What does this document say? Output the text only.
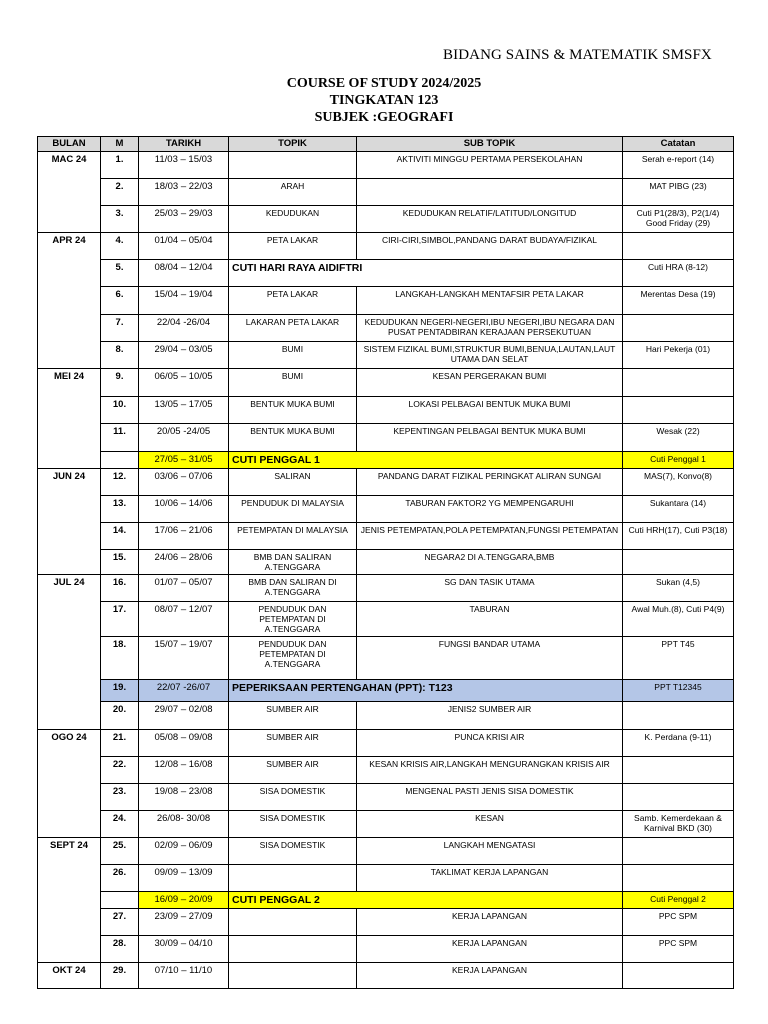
BIDANG SAINS & MATEMATIK SMSFX
COURSE OF STUDY 2024/2025
TINGKATAN 123
SUBJEK :GEOGRAFI
BULAN	M	TARIKH	TOPIK	SUB TOPIK	Catatan
MAC 24	1.	11/03 – 15/03		AKTIVITI MINGGU PERTAMA PERSEKOLAHAN	Serah e-report (14)
	2.	18/03 – 22/03	ARAH		MAT PIBG (23)
	3.	25/03 – 29/03	KEDUDUKAN	KEDUDUKAN RELATIF/LATITUD/LONGITUD	Cuti P1(28/3), P2(1/4) Good Friday (29)
APR 24	4.	01/04 – 05/04	PETA LAKAR	CIRI-CIRI,SIMBOL,PANDANG DARAT BUDAYA/FIZIKAL	
	5.	08/04 – 12/04	CUTI HARI RAYA AIDIFTRI		Cuti HRA (8-12)
	6.	15/04 – 19/04	PETA LAKAR	LANGKAH-LANGKAH MENTAFSIR PETA LAKAR	Merentas Desa (19)
	7.	22/04 -26/04	LAKARAN PETA LAKAR	KEDUDUKAN NEGERI-NEGERI,IBU NEGERI,IBU NEGARA DAN PUSAT PENTADBIRAN KERAJAAN PERSEKUTUAN	
	8.	29/04 – 03/05	BUMI	SISTEM FIZIKAL BUMI,STRUKTUR BUMI,BENUA,LAUTAN,LAUT UTAMA DAN SELAT	Hari Pekerja (01)
MEI 24	9.	06/05 – 10/05	BUMI	KESAN PERGERAKAN BUMI	
	10.	13/05 – 17/05	BENTUK MUKA BUMI	LOKASI PELBAGAI BENTUK MUKA BUMI	
	11.	20/05 -24/05	BENTUK MUKA BUMI	KEPENTINGAN PELBAGAI BENTUK MUKA BUMI	Wesak (22)
		27/05 – 31/05	CUTI PENGGAL 1		Cuti Penggal 1
JUN 24	12.	03/06 – 07/06	SALIRAN	PANDANG DARAT FIZIKAL PERINGKAT ALIRAN SUNGAI	MAS(7), Konvo(8)
	13.	10/06 – 14/06	PENDUDUK DI MALAYSIA	TABURAN FAKTOR2 YG MEMPENGARUHI	Sukantara (14)
	14.	17/06 – 21/06	PETEMPATAN DI MALAYSIA	JENIS PETEMPATAN,POLA PETEMPATAN,FUNGSI PETEMPATAN	Cuti HRH(17), Cuti P3(18)
	15.	24/06 – 28/06	BMB DAN SALIRAN A.TENGGARA	NEGARA2 DI A.TENGGARA,BMB	
JUL 24	16.	01/07 – 05/07	BMB DAN SALIRAN DI A.TENGGARA	SG DAN TASIK UTAMA	Sukan (4,5)
	17.	08/07 – 12/07	PENDUDUK DAN PETEMPATAN DI A.TENGGARA	TABURAN	Awal Muh.(8), Cuti P4(9)
	18.	15/07 – 19/07	PENDUDUK DAN PETEMPATAN DI A.TENGGARA	FUNGSI BANDAR UTAMA	PPT T45
	19.	22/07 -26/07	PEPERIKSAAN PERTENGAHAN (PPT): T123		PPT T12345
	20.	29/07 – 02/08	SUMBER AIR	JENIS2 SUMBER AIR	
OGO 24	21.	05/08 – 09/08	SUMBER AIR	PUNCA KRISI AIR	K. Perdana (9-11)
	22.	12/08 – 16/08	SUMBER AIR	KESAN KRISIS AIR,LANGKAH MENGURANGKAN KRISIS AIR	
	23.	19/08 – 23/08	SISA DOMESTIK	MENGENAL PASTI JENIS SISA DOMESTIK	
	24.	26/08- 30/08	SISA DOMESTIK	KESAN	Samb. Kemerdekaan & Karnival BKD (30)
SEPT 24	25.	02/09 – 06/09	SISA DOMESTIK	LANGKAH MENGATASI	
	26.	09/09 – 13/09		TAKLIMAT KERJA LAPANGAN	
		16/09 – 20/09	CUTI PENGGAL 2		Cuti Penggal 2
	27.	23/09 – 27/09		KERJA LAPANGAN	PPC SPM
	28.	30/09 – 04/10		KERJA LAPANGAN	PPC SPM
OKT 24	29.	07/10 – 11/10		KERJA LAPANGAN	
